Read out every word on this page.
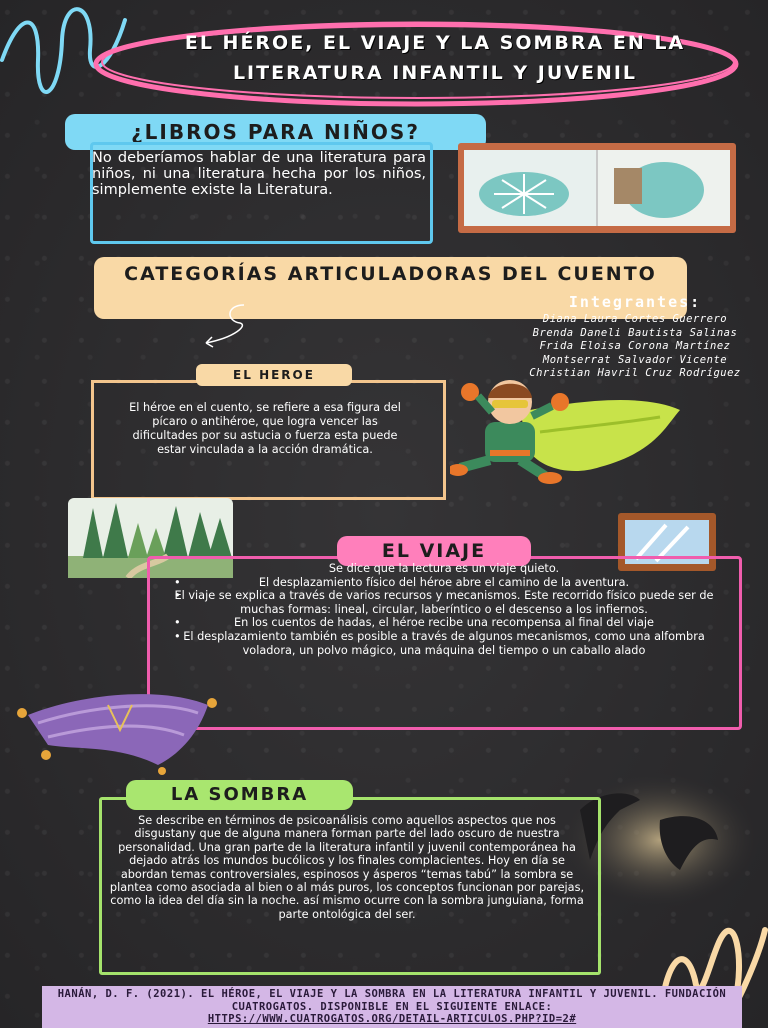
EL HÉROE, EL VIAJE Y LA SOMBRA EN LA LITERATURA INFANTIL Y JUVENIL
¿LIBROS PARA NIÑOS?
No deberíamos hablar de una literatura para niños, ni una literatura hecha por los niños, simplemente existe la Literatura.
CATEGORÍAS ARTICULADORAS DEL CUENTO
Integrantes:
Diana Laura Cortes Guerrero
Brenda Daneli Bautista Salinas
Frida Eloisa Corona Martínez
Montserrat Salvador Vicente
Christian Havril Cruz Rodríguez
EL HEROE
El héroe en el cuento, se refiere a esa figura del pícaro o antihéroe, que logra vencer las dificultades por su astucia o fuerza esta puede estar vinculada a la acción dramática.
EL VIAJE
Se dice que la lectura es un viaje quieto.
• El desplazamiento físico del héroe abre el camino de la aventura.
• El viaje se explica a través de varios recursos y mecanismos. Este recorrido físico puede ser de muchas formas: lineal, circular, laberíntico o el descenso a los infiernos.
• En los cuentos de hadas, el héroe recibe una recompensa al final del viaje
• El desplazamiento también es posible a través de algunos mecanismos, como una alfombra voladora, un polvo mágico, una máquina del tiempo o un caballo alado
LA SOMBRA
Se describe en términos de psicoanálisis como aquellos aspectos que nos disgustany que de alguna manera forman parte del lado oscuro de nuestra personalidad. Una gran parte de la literatura infantil y juvenil contemporánea ha dejado atrás los mundos bucólicos y los finales complacientes. Hoy en día se abordan temas controversiales, espinosos y ásperos “temas tabú” la sombra se plantea como asociada al bien o al más puros, los conceptos funcionan por parejas, como la idea del día sin la noche. así mismo ocurre con la sombra junguiana, forma parte ontológica del ser.
HANÁN, D. F. (2021). EL HÉROE, EL VIAJE Y LA SOMBRA EN LA LITERATURA INFANTIL Y JUVENIL. FUNDACIÓN CUATROGATOS. DISPONIBLE EN EL SIGUIENTE ENLACE:
HTTPS://WWW.CUATROGATOS.ORG/DETAIL-ARTICULOS.PHP?ID=2#
